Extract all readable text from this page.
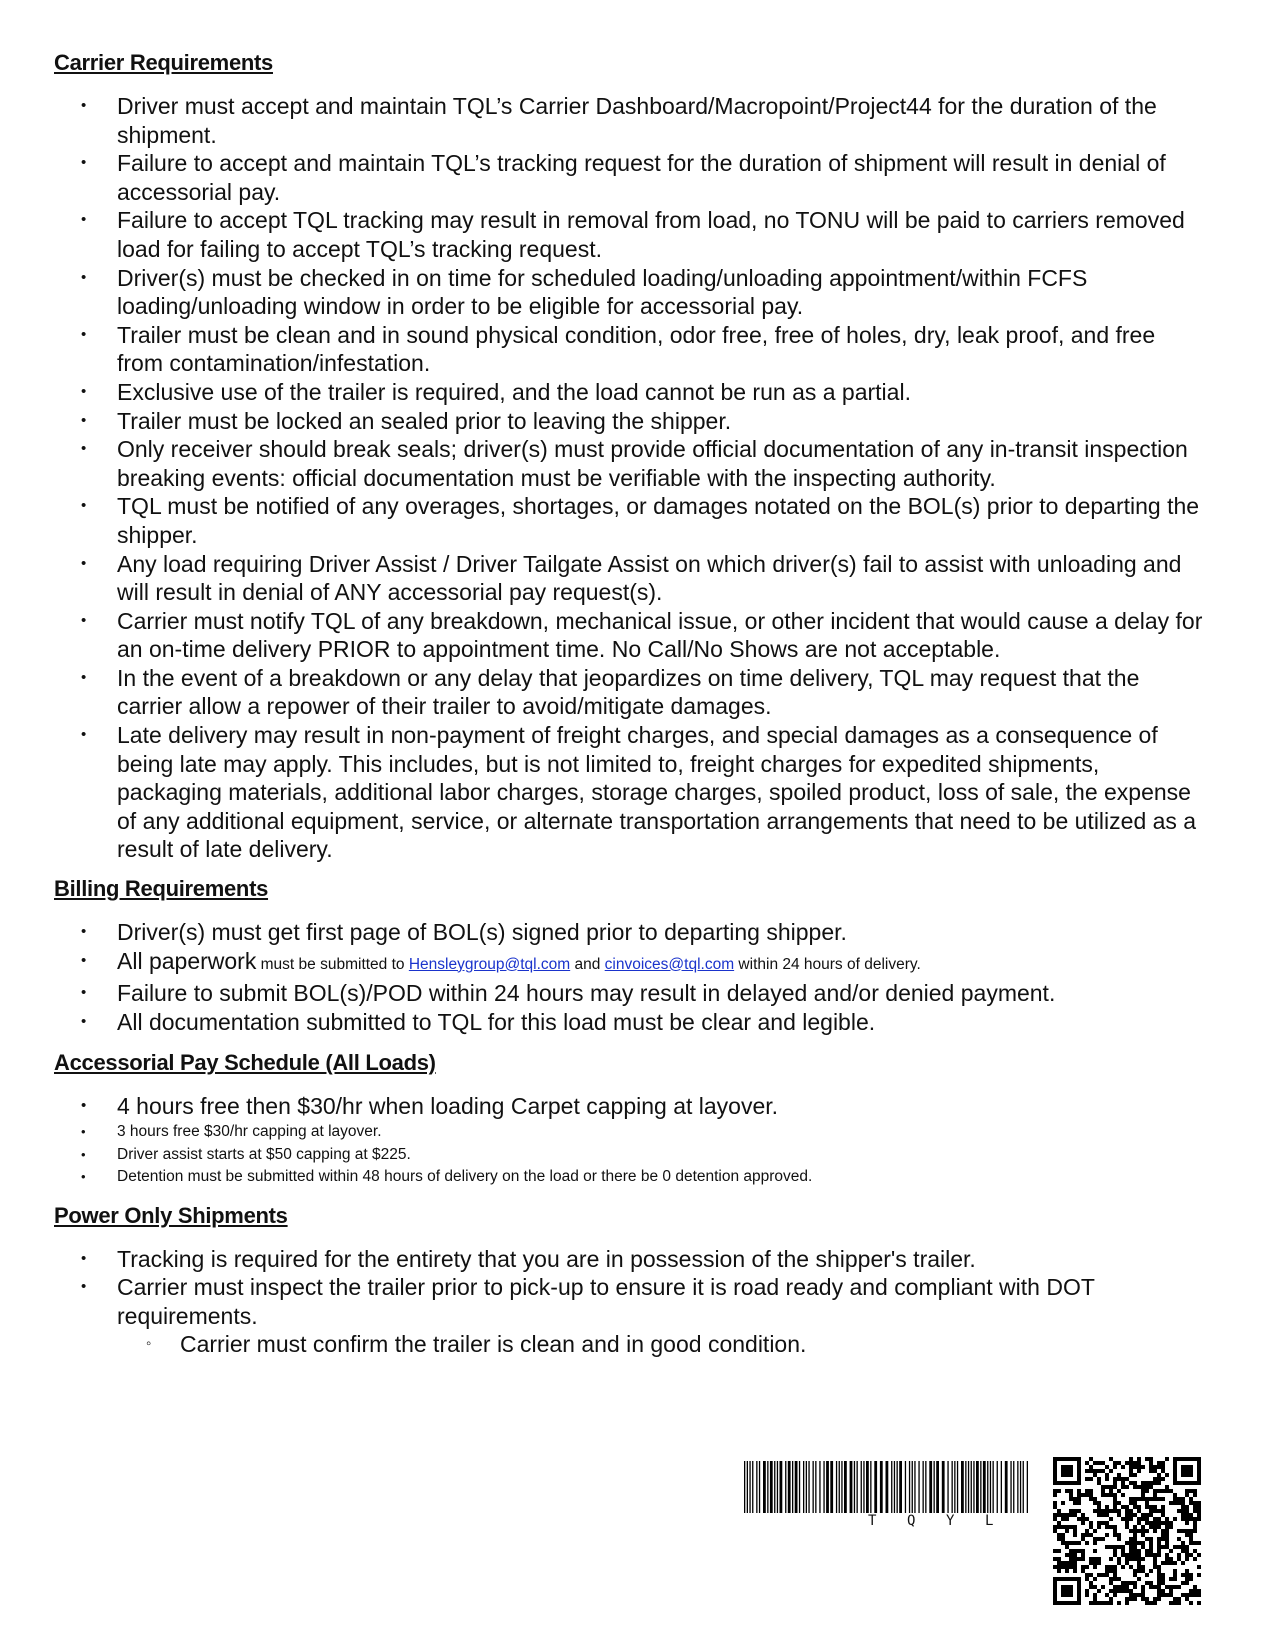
Carrier Requirements
• Driver must accept and maintain TQL’s Carrier Dashboard/Macropoint/Project44 for the duration of the shipment.
• Failure to accept and maintain TQL’s tracking request for the duration of shipment will result in denial of accessorial pay.
• Failure to accept TQL tracking may result in removal from load, no TONU will be paid to carriers removed load for failing to accept TQL’s tracking request.
• Driver(s) must be checked in on time for scheduled loading/unloading appointment/within FCFS loading/unloading window in order to be eligible for accessorial pay.
• Trailer must be clean and in sound physical condition, odor free, free of holes, dry, leak proof, and free from contamination/infestation.
• Exclusive use of the trailer is required, and the load cannot be run as a partial.
• Trailer must be locked an sealed prior to leaving the shipper.
• Only receiver should break seals; driver(s) must provide official documentation of any in-transit inspection breaking events: official documentation must be verifiable with the inspecting authority.
• TQL must be notified of any overages, shortages, or damages notated on the BOL(s) prior to departing the shipper.
• Any load requiring Driver Assist / Driver Tailgate Assist on which driver(s) fail to assist with unloading and will result in denial of ANY accessorial pay request(s).
• Carrier must notify TQL of any breakdown, mechanical issue, or other incident that would cause a delay for an on-time delivery PRIOR to appointment time. No Call/No Shows are not acceptable.
• In the event of a breakdown or any delay that jeopardizes on time delivery, TQL may request that the carrier allow a repower of their trailer to avoid/mitigate damages.
• Late delivery may result in non-payment of freight charges, and special damages as a consequence of being late may apply. This includes, but is not limited to, freight charges for expedited shipments, packaging materials, additional labor charges, storage charges, spoiled product, loss of sale, the expense of any additional equipment, service, or alternate transportation arrangements that need to be utilized as a result of late delivery.
Billing Requirements
• Driver(s) must get first page of BOL(s) signed prior to departing shipper.
• All paperwork must be submitted to Hensleygroup@tql.com and cinvoices@tql.com within 24 hours of delivery.
• Failure to submit BOL(s)/POD within 24 hours may result in delayed and/or denied payment.
• All documentation submitted to TQL for this load must be clear and legible.
Accessorial Pay Schedule (All Loads)
• 4 hours free then $30/hr when loading Carpet capping at layover.
• 3 hours free $30/hr capping at layover.
• Driver assist starts at $50 capping at $225.
• Detention must be submitted within 48 hours of delivery on the load or there be 0 detention approved.
Power Only Shipments
• Tracking is required for the entirety that you are in possession of the shipper's trailer.
• Carrier must inspect the trailer prior to pick-up to ensure it is road ready and compliant with DOT requirements.
◦ Carrier must confirm the trailer is clean and in good condition.
T Q Y L
